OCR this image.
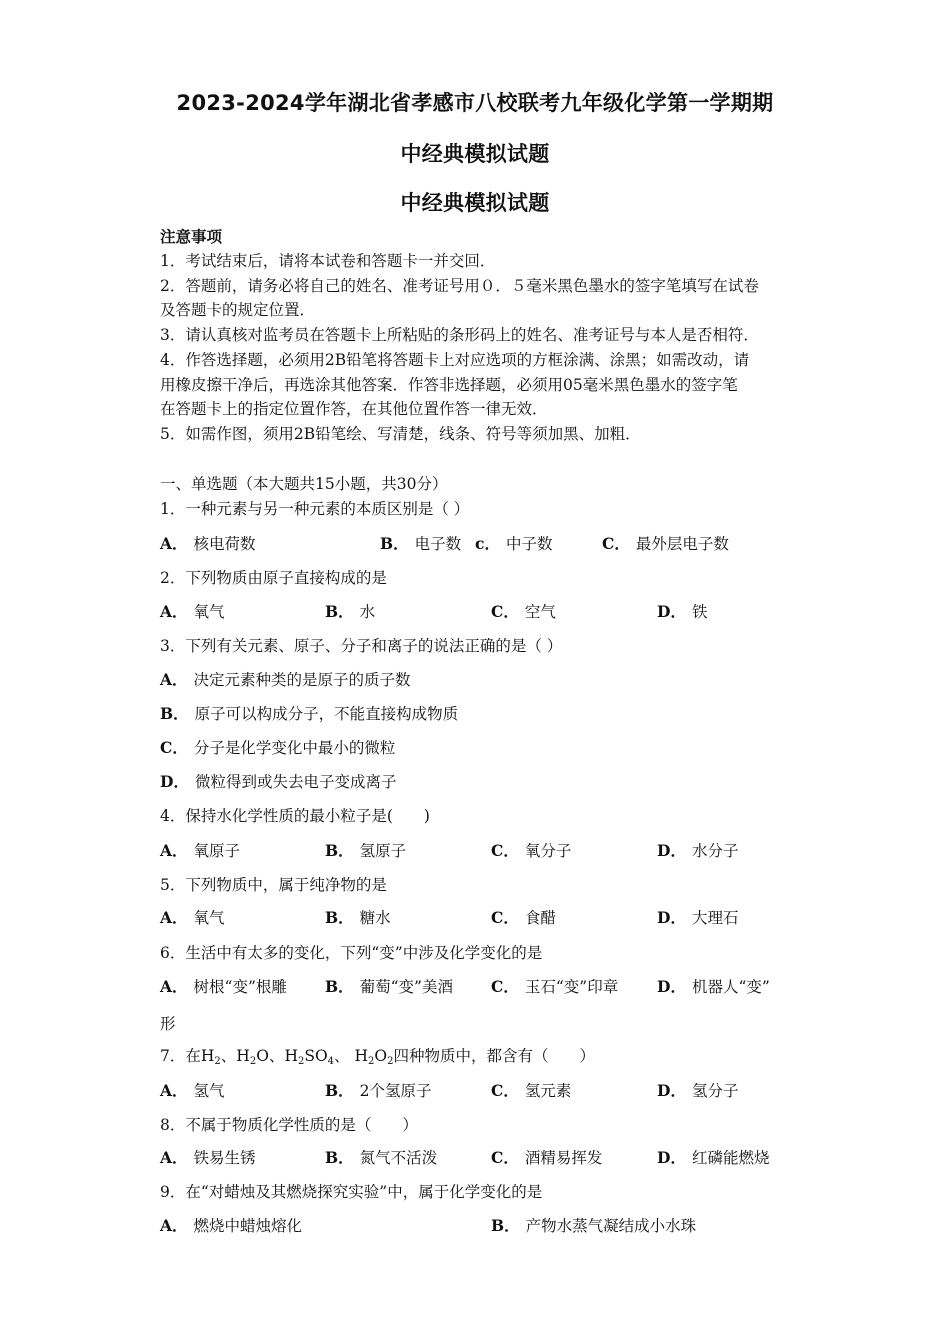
2023-2024学年湖北省孝感市八校联考九年级化学第一学期期
中经典模拟试题
中经典模拟试题
注意事项
1．考试结束后，请将本试卷和答题卡一并交回．
2．答题前，请务必将自己的姓名、准考证号用０．５毫米黑色墨水的签字笔填写在试卷
及答题卡的规定位置．
3．请认真核对监考员在答题卡上所粘贴的条形码上的姓名、准考证号与本人是否相符．
4．作答选择题，必须用2B铅笔将答题卡上对应选项的方框涂满、涂黑；如需改动，请
用橡皮擦干净后，再选涂其他答案．作答非选择题，必须用05毫米黑色墨水的签字笔
在答题卡上的指定位置作答，在其他位置作答一律无效．
5．如需作图，须用2B铅笔绘、写清楚，线条、符号等须加黑、加粗．
一、单选题（本大题共15小题，共30分）
1．一种元素与另一种元素的本质区别是（ ）
A． 核电荷数	B． 电子数 c． 中子数	C． 最外层电子数
2．下列物质由原子直接构成的是
A． 氧气	B． 水	C． 空气	D． 铁
3．下列有关元素、原子、分子和离子的说法正确的是（ ）
A． 决定元素种类的是原子的质子数
B． 原子可以构成分子，不能直接构成物质
C． 分子是化学变化中最小的微粒
D． 微粒得到或失去电子变成离子
4．保持水化学性质的最小粒子是(　　)
A． 氧原子	B． 氢原子	C． 氧分子	D． 水分子
5．下列物质中，属于纯净物的是
A． 氧气	B． 糖水	C． 食醋	D． 大理石
6．生活中有太多的变化，下列“变”中涉及化学变化的是
A． 树根“变”根雕 B． 葡萄“变”美酒 C． 玉石“变”印章	D． 机器人“变”
形
7．在$H_2$、$H_2O$、$H_2SO_4$、 $H_2O_2$四种物质中，都含有（　　）
A． 氢气	B． 2个氢原子	C． 氢元素	D． 氢分子
8．不属于物质化学性质的是（　　）
A． 铁易生锈	B． 氮气不活泼	C． 酒精易挥发	D． 红磷能燃烧
9．在“对蜡烛及其燃烧探究实验”中，属于化学变化的是
A． 燃烧中蜡烛熔化	B． 产物水蒸气凝结成小水珠
